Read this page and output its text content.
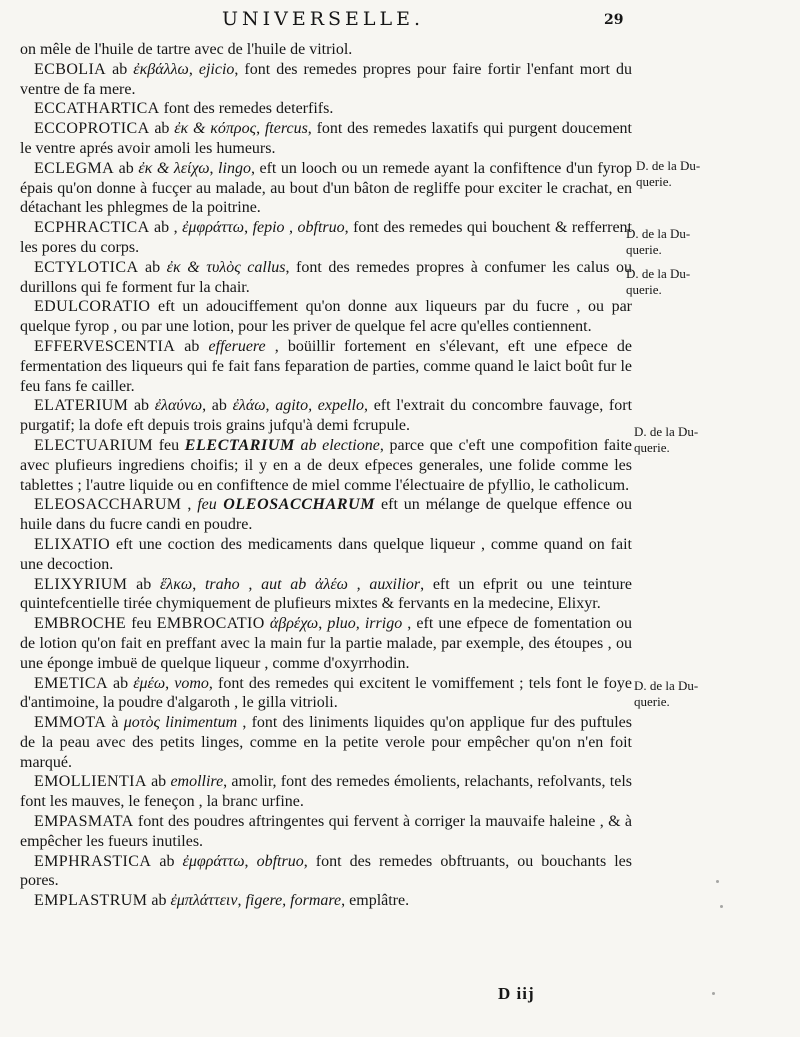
UNIVERSELLE.	29

on mêle de l'huile de tartre avec de l'huile de vitriol.

ECBOLIA ab ἐκβάλλω, ejicio, font des remedes propres pour faire fortir l'enfant mort du ventre de fa mere.

ECCATHARTICA font des remedes deterfifs.

ECCOPROTICA ab ἐκ & κόπρος, ftercus, font des remedes laxatifs qui purgent doucement le ventre aprés avoir amoli les humeurs.

ECLEGMA ab ἐκ & λείχω, lingo, eft un looch ou un remede ayant la confiftence d'un fyrop épais qu'on donne à fucçer au malade, au bout d'un bâton de regliffe pour exciter le crachat, en détachant les phlegmes de la poitrine.

ECPHRACTICA ab , ἐμφράττω, fepio , obftruo, font des remedes qui bouchent & refferrent les pores du corps.

ECTYLOTICA ab ἐκ & τυλὸς callus, font des remedes propres à confumer les calus ou durillons qui fe forment fur la chair.

EDULCORATIO eft un adouciffement qu'on donne aux liqueurs par du fucre , ou par quelque fyrop , ou par une lotion, pour les priver de quelque fel acre qu'elles contiennent.

EFFERVESCENTIA ab efferuere , boüillir fortement en s'élevant, eft une efpece de fermentation des liqueurs qui fe fait fans feparation de parties, comme quand le laict boût fur le feu fans fe cailler.

ELATERIUM ab ἐλαύνω, ab ἐλάω, agito, expello, eft l'extrait du concombre fauvage, fort purgatif; la dofe eft depuis trois grains jufqu'à demi fcrupule.

ELECTUARIUM feu ELECTARIUM ab electione, parce que c'eft une compofition faite avec plufieurs ingrediens choifis; il y en a de deux efpeces generales, une folide comme les tablettes ; l'autre liquide ou en confiftence de miel comme l'électuaire de pfyllio, le catholicum.

ELEOSACCHARUM , feu OLEOSACCHARUM eft un mélange de quelque effence ou huile dans du fucre candi en poudre.

ELIXATIO eft une coction des medicaments dans quelque liqueur , comme quand on fait une decoction.

ELIXYRIUM ab ἕλκω, traho , aut ab ἀλέω , auxilior, eft un efprit ou une teinture quintefcentielle tirée chymiquement de plufieurs mixtes & fervants en la medecine, Elixyr.

EMBROCHE feu EMBROCATIO ἀβρέχω, pluo, irrigo , eft une efpece de fomentation ou de lotion qu'on fait en preffant avec la main fur la partie malade, par exemple, des étoupes , ou une éponge imbuë de quelque liqueur , comme d'oxyrrhodin.

EMETICA ab ἐμέω, vomo, font des remedes qui excitent le vomiffement ; tels font le foye d'antimoine, la poudre d'algaroth , le gilla vitrioli.

EMMOTA à μοτὸς linimentum , font des liniments liquides qu'on applique fur des puftules de la peau avec des petits linges, comme en la petite verole pour empêcher qu'on n'en foit marqué.

EMOLLIENTIA ab emollire, amolir, font des remedes émolients, relachants, refolvants, tels font les mauves, le feneçon , la branc urfine.

EMPASMATA font des poudres aftringentes qui fervent à corriger la mauvaife haleine , & à empêcher les fueurs inutiles.

EMPHRASTICA ab ἐμφράττω, obftruo, font des remedes obftruants, ou bouchants les pores.

EMPLASTRUM ab ἐμπλάττειν, figere, formare, emplâtre.

D. de la Du-
querie.
D. de la Du-
querie.
D. de la Du-
querie.
D. de la Du-
querie.
D. de la Du-
querie.
D iij
